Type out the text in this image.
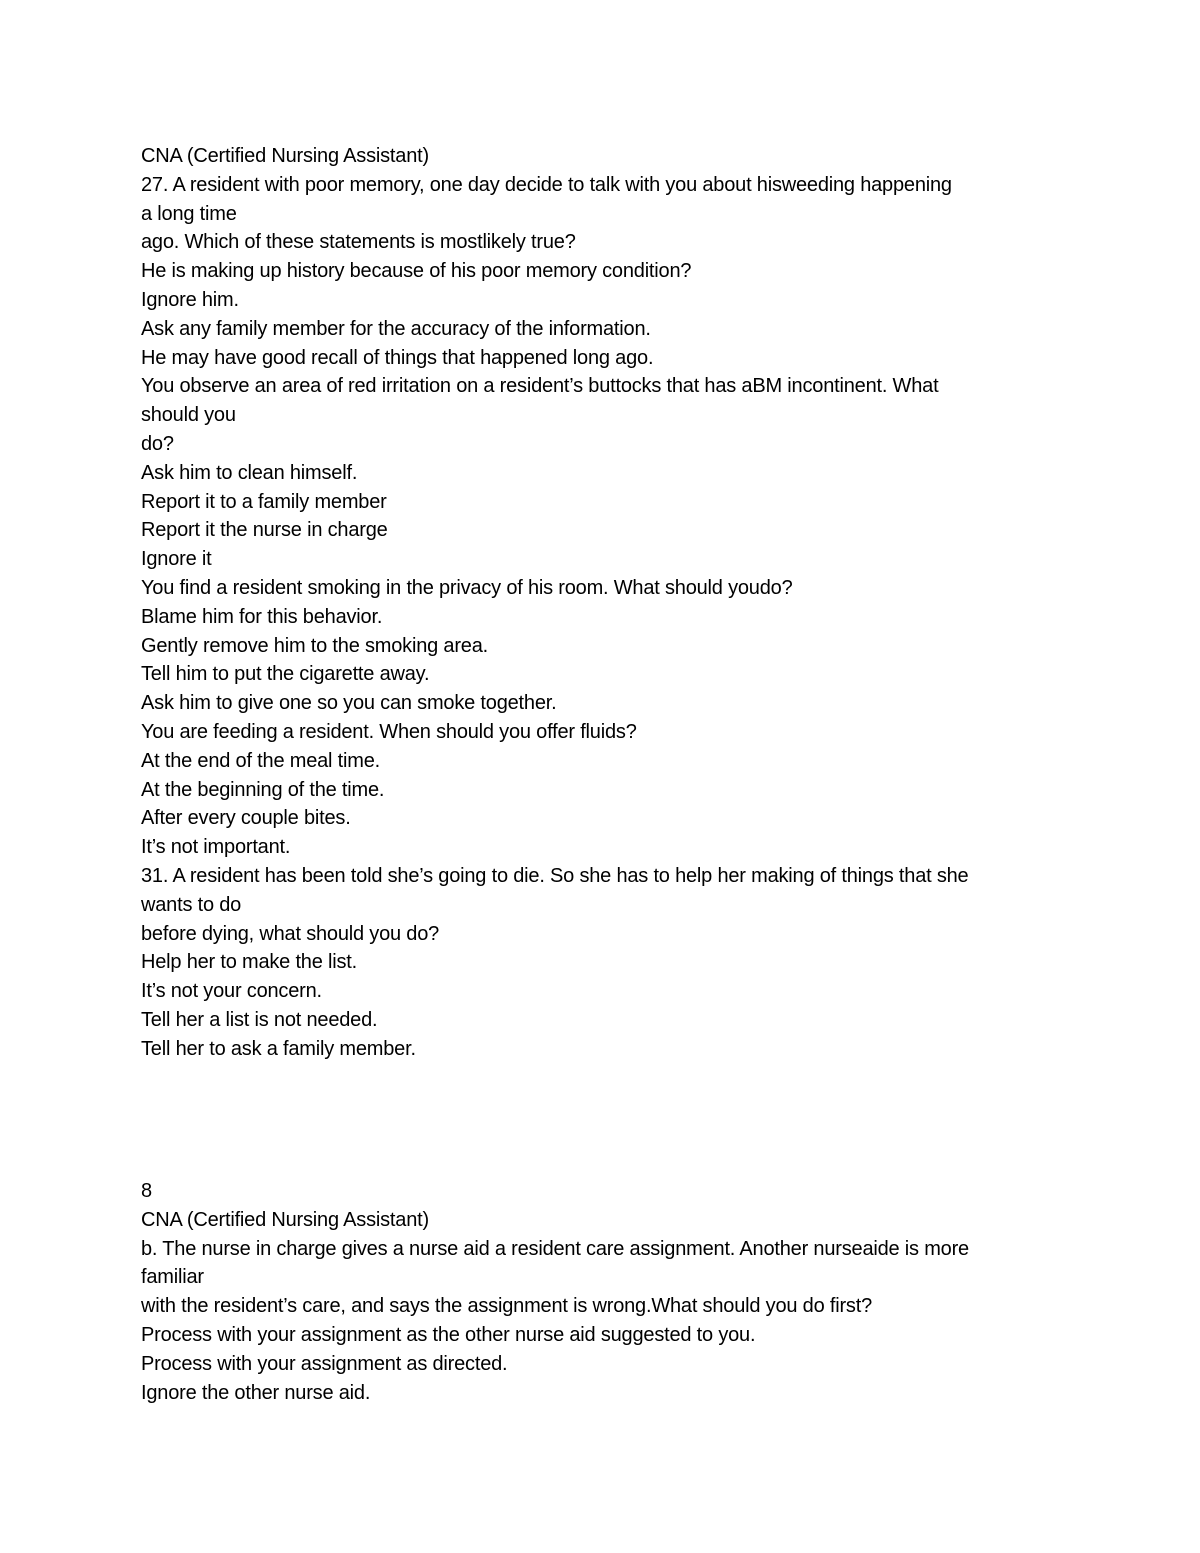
CNA (Certified Nursing Assistant)
27. A resident with poor memory, one day decide to talk with you about hisweeding happening
a long time
ago. Which of these statements is mostlikely true?
He is making up history because of his poor memory condition?
Ignore him.
Ask any family member for the accuracy of the information.
He may have good recall of things that happened long ago.
You observe an area of red irritation on a resident’s buttocks that has aBM incontinent. What
should you
do?
Ask him to clean himself.
Report it to a family member
Report it the nurse in charge
Ignore it
You find a resident smoking in the privacy of his room. What should youdo?
Blame him for this behavior.
Gently remove him to the smoking area.
Tell him to put the cigarette away.
Ask him to give one so you can smoke together.
You are feeding a resident. When should you offer fluids?
At the end of the meal time.
At the beginning of the time.
After every couple bites.
It’s not important.
31. A resident has been told she’s going to die. So she has to help her making of things that she
wants to do
before dying, what should you do?
Help her to make the list.
It’s not your concern.
Tell her a list is not needed.
Tell her to ask a family member.
8
CNA (Certified Nursing Assistant)
b. The nurse in charge gives a nurse aid a resident care assignment. Another nurseaide is more
familiar
with the resident’s care, and says the assignment is wrong.What should you do first?
Process with your assignment as the other nurse aid suggested to you.
Process with your assignment as directed.
Ignore the other nurse aid.
